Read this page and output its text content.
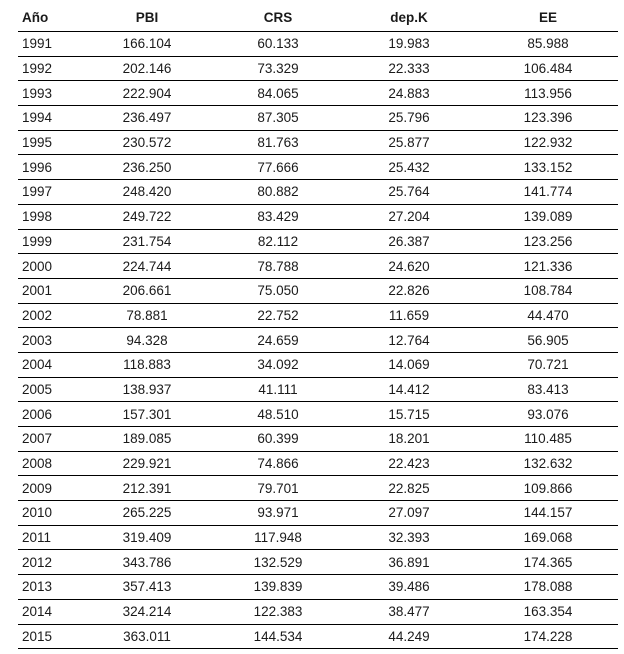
Año	PBI	CRS	dep.K	EE
1991	166.104	60.133	19.983	85.988
1992	202.146	73.329	22.333	106.484
1993	222.904	84.065	24.883	113.956
1994	236.497	87.305	25.796	123.396
1995	230.572	81.763	25.877	122.932
1996	236.250	77.666	25.432	133.152
1997	248.420	80.882	25.764	141.774
1998	249.722	83.429	27.204	139.089
1999	231.754	82.112	26.387	123.256
2000	224.744	78.788	24.620	121.336
2001	206.661	75.050	22.826	108.784
2002	78.881	22.752	11.659	44.470
2003	94.328	24.659	12.764	56.905
2004	118.883	34.092	14.069	70.721
2005	138.937	41.111	14.412	83.413
2006	157.301	48.510	15.715	93.076
2007	189.085	60.399	18.201	110.485
2008	229.921	74.866	22.423	132.632
2009	212.391	79.701	22.825	109.866
2010	265.225	93.971	27.097	144.157
2011	319.409	117.948	32.393	169.068
2012	343.786	132.529	36.891	174.365
2013	357.413	139.839	39.486	178.088
2014	324.214	122.383	38.477	163.354
2015	363.011	144.534	44.249	174.228
